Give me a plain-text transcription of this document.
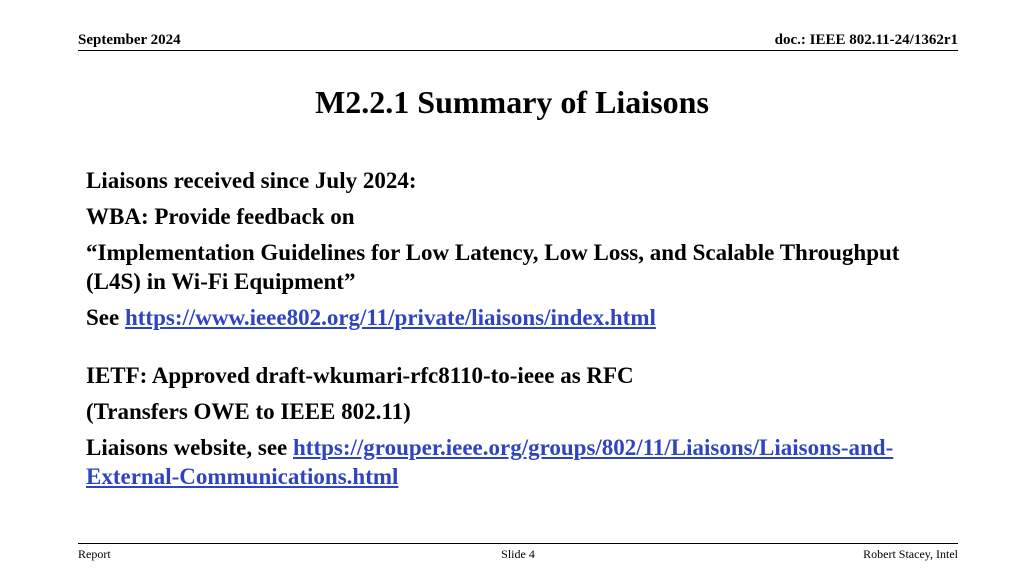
September 2024	doc.: IEEE 802.11-24/1362r1
M2.2.1 Summary of Liaisons

Liaisons received since July 2024:

WBA: Provide feedback on

“Implementation Guidelines for Low Latency, Low Loss, and Scalable Throughput (L4S) in Wi-Fi Equipment”

See https://www.ieee802.org/11/private/liaisons/index.html

IETF: Approved draft-wkumari-rfc8110-to-ieee as RFC

(Transfers OWE to IEEE 802.11)

Liaisons website, see https://grouper.ieee.org/groups/802/11/Liaisons/Liaisons-and-External-Communications.html

Report	Slide 4	Robert Stacey, Intel
